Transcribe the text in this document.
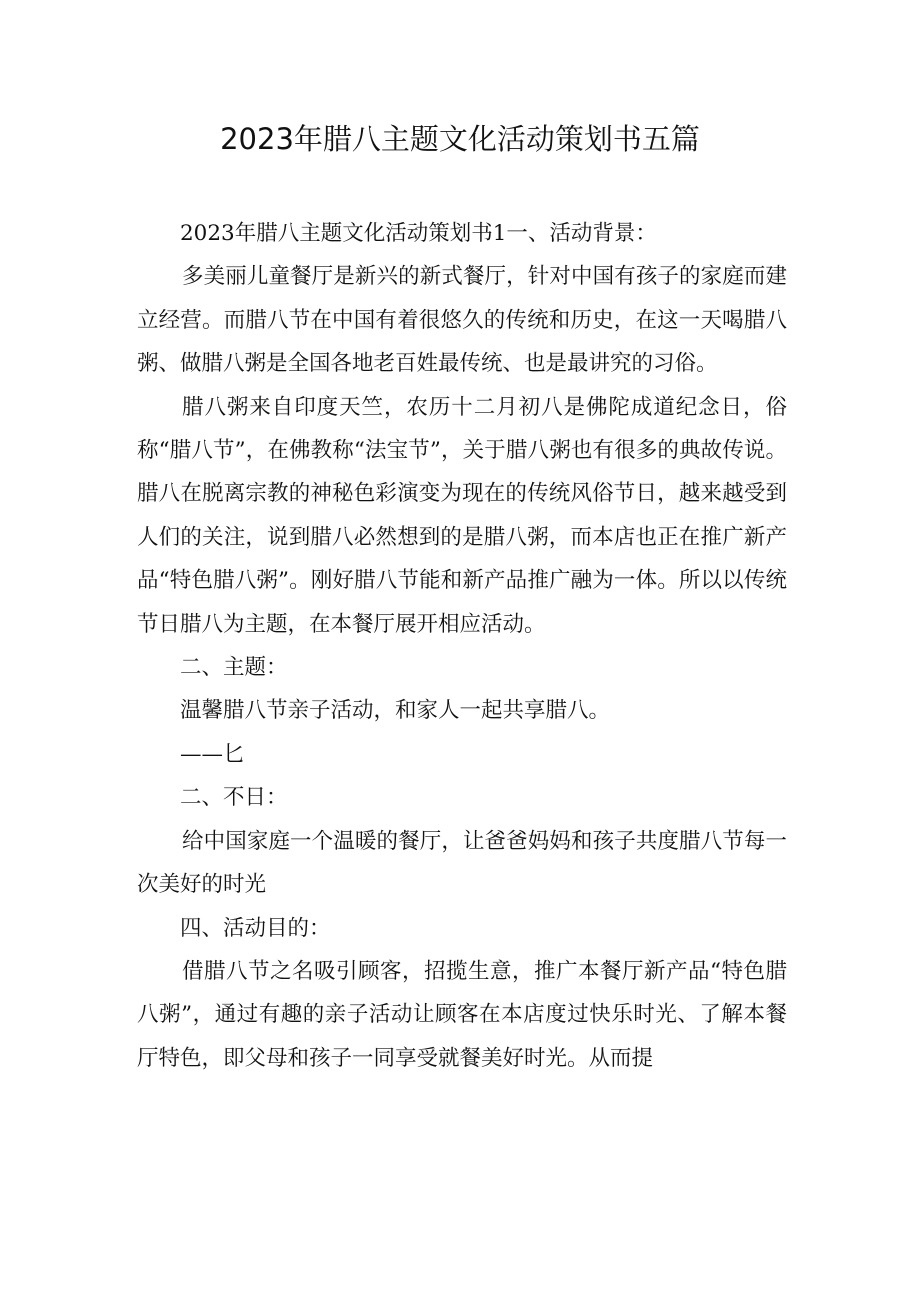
2023年腊八主题文化活动策划书五篇

2023年腊八主题文化活动策划书1一、活动背景：

多美丽儿童餐厅是新兴的新式餐厅，针对中国有孩子的家庭而建立经营。而腊八节在中国有着很悠久的传统和历史，在这一天喝腊八粥、做腊八粥是全国各地老百姓最传统、也是最讲究的习俗。

腊八粥来自印度天竺，农历十二月初八是佛陀成道纪念日，俗称“腊八节”，在佛教称“法宝节”，关于腊八粥也有很多的典故传说。腊八在脱离宗教的神秘色彩演变为现在的传统风俗节日，越来越受到人们的关注，说到腊八必然想到的是腊八粥，而本店也正在推广新产品“特色腊八粥”。刚好腊八节能和新产品推广融为一体。所以以传统节日腊八为主题，在本餐厅展开相应活动。

二、主题：

温馨腊八节亲子活动，和家人一起共享腊八。

——匕

二、不日：

给中国家庭一个温暖的餐厅，让爸爸妈妈和孩子共度腊八节每一次美好的时光

四、活动目的：

借腊八节之名吸引顾客，招揽生意，推广本餐厅新产品“特色腊八粥”，通过有趣的亲子活动让顾客在本店度过快乐时光、了解本餐厅特色，即父母和孩子一同享受就餐美好时光。从而提
